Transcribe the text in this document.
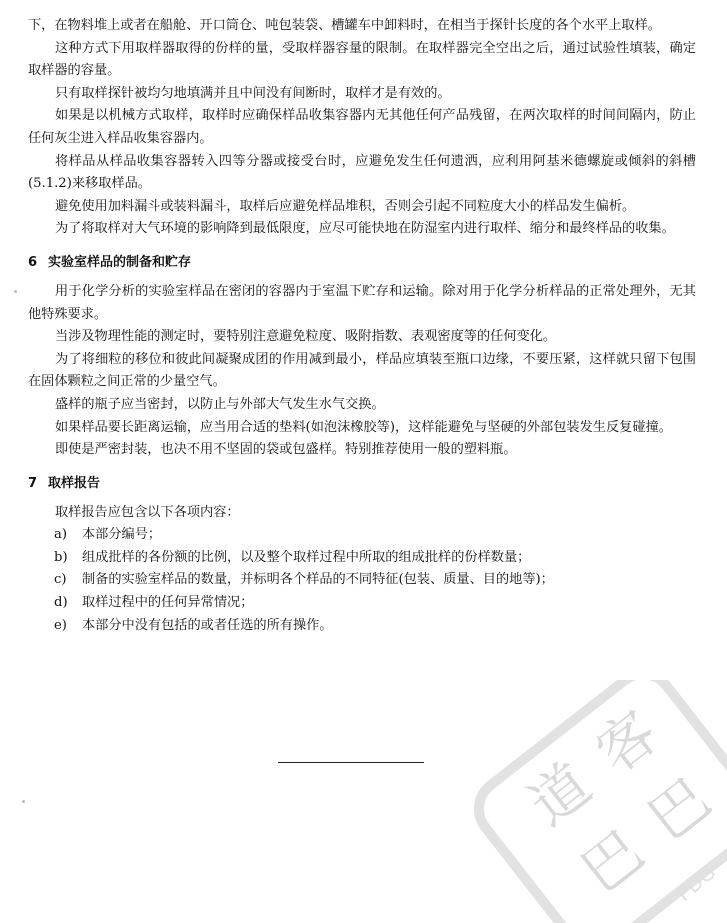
下，在物料堆上或者在船舱、开口筒仓、吨包装袋、槽罐车中卸料时，在相当于探针长度的各个水平上取样。

这种方式下用取样器取得的份样的量，受取样器容量的限制。在取样器完全空出之后，通过试验性填装，确定取样器的容量。

只有取样探针被均匀地填满并且中间没有间断时，取样才是有效的。

如果是以机械方式取样，取样时应确保样品收集容器内无其他任何产品残留，在两次取样的时间间隔内，防止任何灰尘进入样品收集容器内。

将样品从样品收集容器转入四等分器或接受台时，应避免发生任何遗洒，应利用阿基米德螺旋或倾斜的斜槽(5.1.2)来移取样品。

避免使用加料漏斗或装料漏斗，取样后应避免样品堆积，否则会引起不同粒度大小的样品发生偏析。

为了将取样对大气环境的影响降到最低限度，应尽可能快地在防湿室内进行取样、缩分和最终样品的收集。

6 实验室样品的制备和贮存

用于化学分析的实验室样品在密闭的容器内于室温下贮存和运输。除对用于化学分析样品的正常处理外，无其他特殊要求。

当涉及物理性能的测定时，要特别注意避免粒度、吸附指数、表观密度等的任何变化。

为了将细粒的移位和彼此间凝聚成团的作用减到最小，样品应填装至瓶口边缘，不要压紧，这样就只留下包围在固体颗粒之间正常的少量空气。

盛样的瓶子应当密封，以防止与外部大气发生水气交换。

如果样品要长距离运输，应当用合适的垫料(如泡沫橡胶等)，这样能避免与坚硬的外部包装发生反复碰撞。

即使是严密封装，也决不用不坚固的袋或包盛样。特别推荐使用一般的塑料瓶。

7 取样报告

取样报告应包含以下各项内容：

a) 本部分编号；
b) 组成批样的各份额的比例，以及整个取样过程中所取的组成批样的份样数量；
c) 制备的实验室样品的数量，并标明各个样品的不同特征(包装、质量、目的地等)；
d) 取样过程中的任何异常情况；
e) 本部分中没有包括的或者任选的所有操作。
道
客
巴
巴
PDG
